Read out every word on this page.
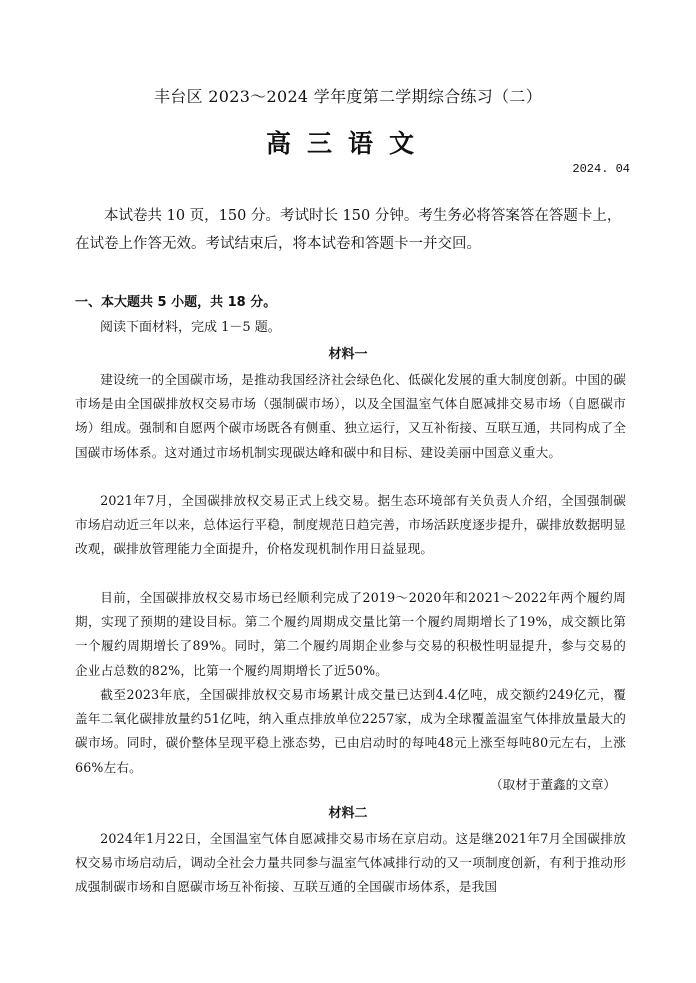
丰台区 2023～2024 学年度第二学期综合练习（二）
高三语文
2024. 04

本试卷共 10 页，150 分。考试时长 150 分钟。考生务必将答案答在答题卡上，在试卷上作答无效。考试结束后，将本试卷和答题卡一并交回。

一、本大题共 5 小题，共 18 分。
阅读下面材料，完成 1－5 题。
材料一

建设统一的全国碳市场，是推动我国经济社会绿色化、低碳化发展的重大制度创新。中国的碳市场是由全国碳排放权交易市场（强制碳市场），以及全国温室气体自愿减排交易市场（自愿碳市场）组成。强制和自愿两个碳市场既各有侧重、独立运行，又互补衔接、互联互通，共同构成了全国碳市场体系。这对通过市场机制实现碳达峰和碳中和目标、建设美丽中国意义重大。

2021年7月，全国碳排放权交易正式上线交易。据生态环境部有关负责人介绍，全国强制碳市场启动近三年以来，总体运行平稳，制度规范日趋完善，市场活跃度逐步提升，碳排放数据明显改观，碳排放管理能力全面提升，价格发现机制作用日益显现。

目前，全国碳排放权交易市场已经顺利完成了2019～2020年和2021～2022年两个履约周期，实现了预期的建设目标。第二个履约周期成交量比第一个履约周期增长了19%，成交额比第一个履约周期增长了89%。同时，第二个履约周期企业参与交易的积极性明显提升，参与交易的企业占总数的82%，比第一个履约周期增长了近50%。

截至2023年底，全国碳排放权交易市场累计成交量已达到4.4亿吨，成交额约249亿元，覆盖年二氧化碳排放量约51亿吨，纳入重点排放单位2257家，成为全球覆盖温室气体排放量最大的碳市场。同时，碳价整体呈现平稳上涨态势，已由启动时的每吨48元上涨至每吨80元左右，上涨66%左右。

（取材于董鑫的文章）
材料二

2024年1月22日，全国温室气体自愿减排交易市场在京启动。这是继2021年7月全国碳排放权交易市场启动后，调动全社会力量共同参与温室气体减排行动的又一项制度创新，有利于推动形成强制碳市场和自愿碳市场互补衔接、互联互通的全国碳市场体系，是我国
